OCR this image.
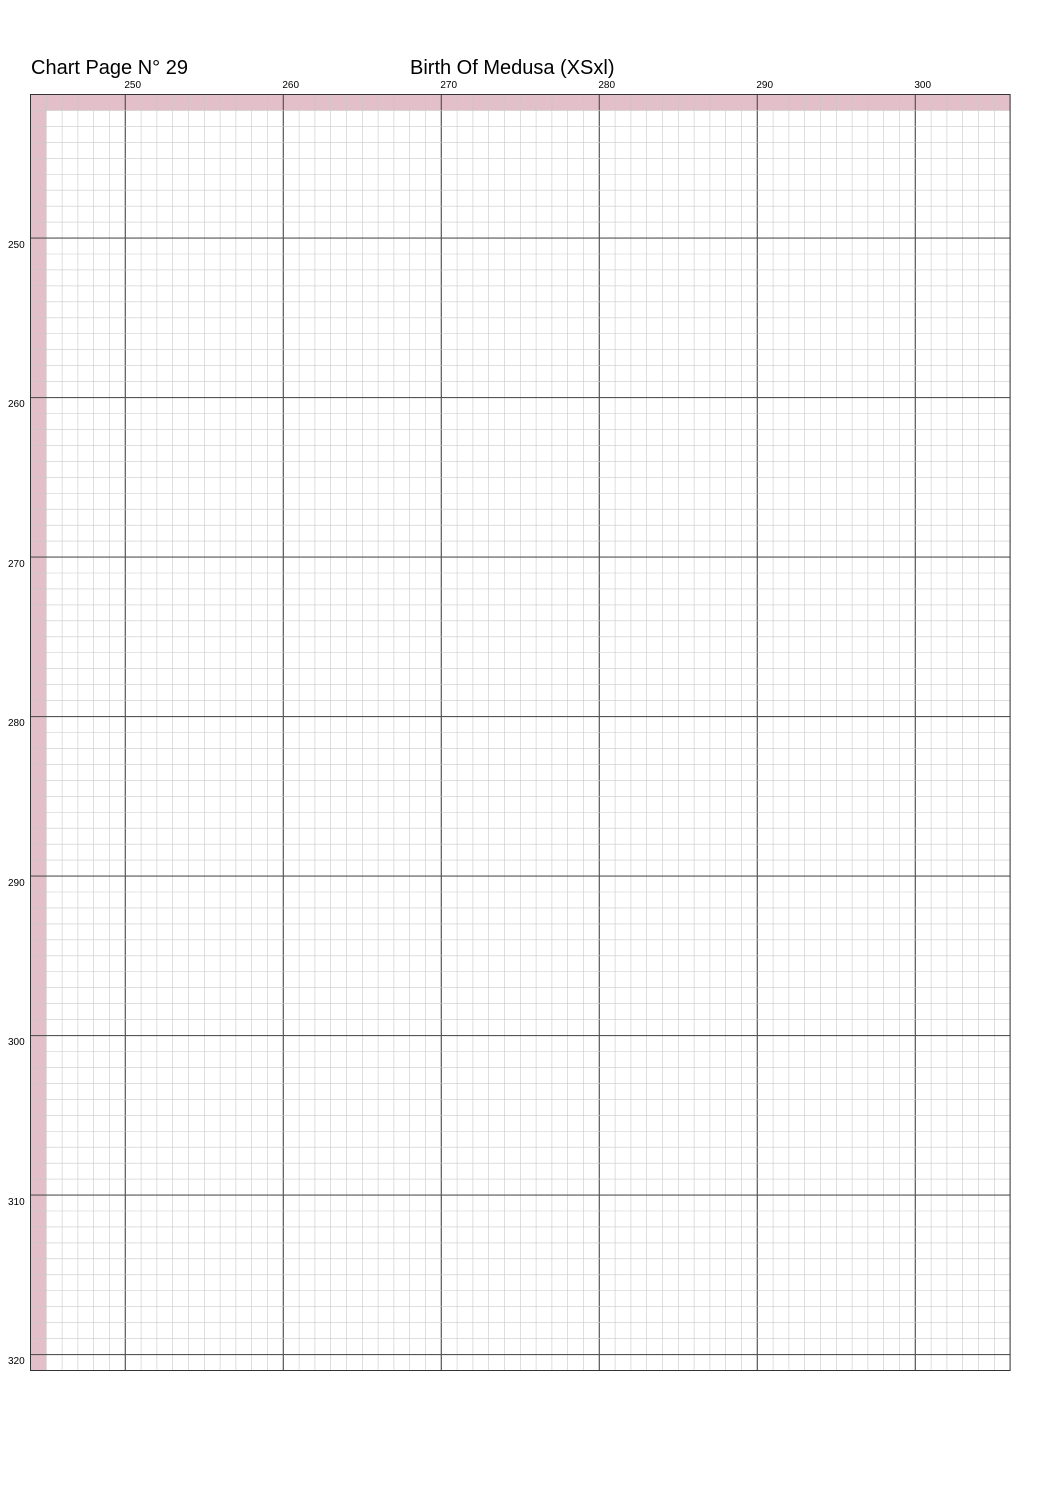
Chart Page N° 29	Birth Of Medusa (XSxl)
250	260	270	280	290	300
250
260
270
280
290
300
310
320
